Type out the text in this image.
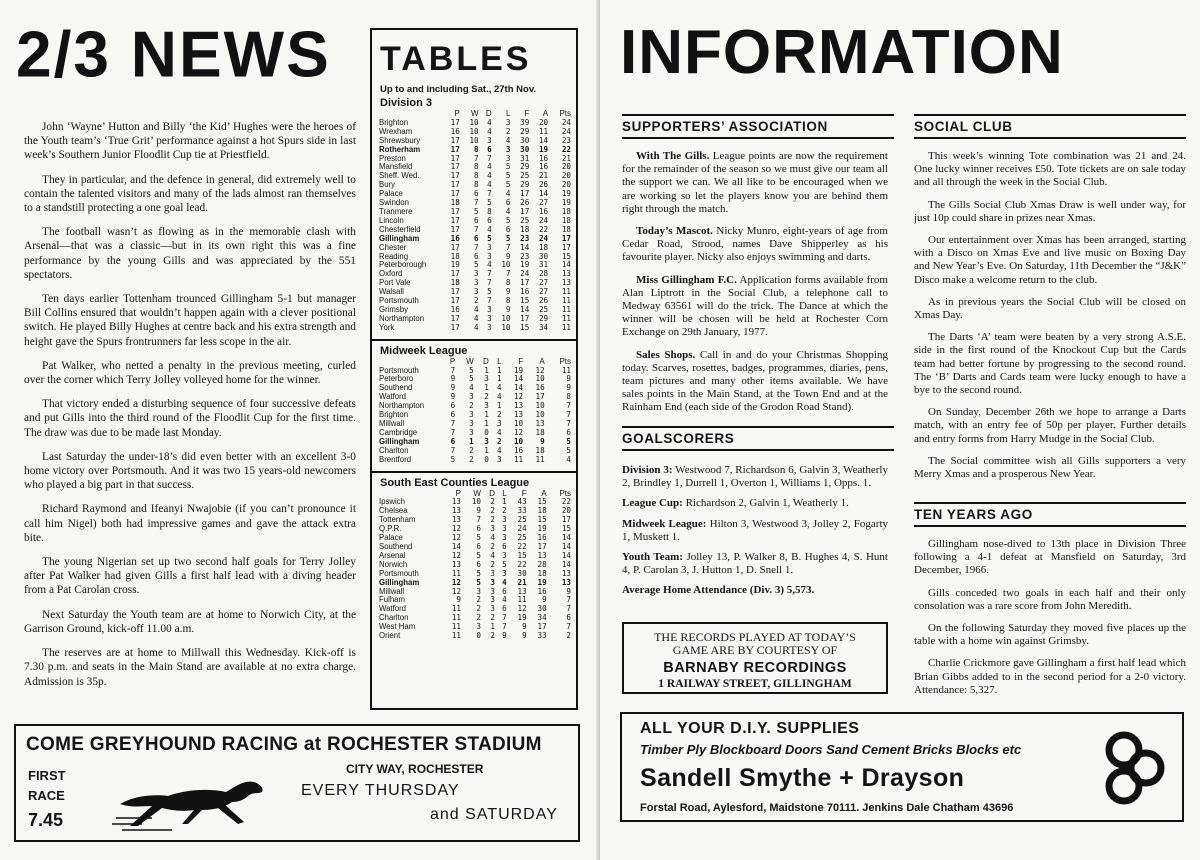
2/3 NEWS

John ‘Wayne’ Hutton and Billy ‘the Kid’ Hughes were the heroes of the Youth team’s ‘True Grit’ performance against a hot Spurs side in last week’s Southern Junior Floodlit Cup tie at Priestfield.

They in particular, and the defence in general, did extremely well to contain the talented visitors and many of the lads almost ran themselves to a standstill protecting a one goal lead.

The football wasn’t as flowing as in the memorable clash with Arsenal—that was a classic—but in its own right this was a fine performance by the young Gills and was appreciated by the 551 spectators.

Ten days earlier Tottenham trounced Gillingham 5-1 but manager Bill Collins ensured that wouldn’t happen again with a clever positional switch. He played Billy Hughes at centre back and his extra strength and height gave the Spurs frontrunners far less scope in the air.

Pat Walker, who netted a penalty in the previous meeting, curled over the corner which Terry Jolley volleyed home for the winner.

That victory ended a disturbing sequence of four successive defeats and put Gills into the third round of the Floodlit Cup for the first time. The draw was due to be made last Monday.

Last Saturday the under-18’s did even better with an excellent 3-0 home victory over Portsmouth. And it was two 15 years-old newcomers who played a big part in that success.

Richard Raymond and Ifeanyi Nwajobie (if you can’t pronounce it call him Nigel) both had impressive games and gave the attack extra bite.

The young Nigerian set up two second half goals for Terry Jolley after Pat Walker had given Gills a first half lead with a diving header from a Pat Carolan cross.

Next Saturday the Youth team are at home to Norwich City, at the Garrison Ground, kick-off 11.00 a.m.

The reserves are at home to Millwall this Wednesday. Kick-off is 7.30 p.m. and seats in the Main Stand are available at no extra charge. Admission is 35p.

TABLES
Up to and including Sat., 27th Nov.
Division 3
	P	W	D	L	F	A	Pts
Brighton	17	10	4	3	39	20	24
Wrexham	16	10	4	2	29	11	24
Shrewsbury	17	10	3	4	30	14	23
Rotherham	17	8	6	3	30	19	22
Preston	17	7	7	3	31	16	21
Mansfield	17	8	4	5	29	16	20
Sheff. Wed.	17	8	4	5	25	21	20
Bury	17	8	4	5	29	26	20
Palace	17	6	7	4	17	14	19
Swindon	18	7	5	6	26	27	19
Tranmere	17	5	8	4	17	16	18
Lincoln	17	6	6	5	25	24	18
Chesterfield	17	7	4	6	18	22	18
Gillingham	16	6	5	5	23	24	17
Chester	17	7	3	7	14	18	17
Reading	18	6	3	9	23	30	15
Peterborough	19	5	4	10	19	31	14
Oxford	17	3	7	7	24	28	13
Port Vale	18	3	7	8	17	27	13
Walsall	17	3	5	9	16	27	11
Portsmouth	17	2	7	8	15	26	11
Grimsby	16	4	3	9	14	25	11
Northampton	17	4	3	10	17	29	11
York	17	4	3	10	15	34	11
Midweek League
	P	W	D	L	F	A	Pts
Portsmouth	7	5	1	1	19	12	11
Peterboro	9	5	3	1	14	10	9
Southend	9	4	1	4	14	16	9
Watford	9	3	2	4	12	17	8
Northampton	6	2	3	1	13	10	7
Brighton	6	3	1	2	13	10	7
Millwall	7	3	1	3	10	13	7
Cambridge	7	3	0	4	12	18	6
Gillingham	6	1	3	2	10	9	5
Charlton	7	2	1	4	16	18	5
Brentford	5	2	0	3	11	11	4
South East Counties League
	P	W	D	L	F	A	Pts
Ipswich	13	10	2	1	43	15	22
Chelsea	13	9	2	2	33	18	20
Tottenham	13	7	2	3	25	15	17
Q.P.R.	12	6	3	3	24	19	15
Palace	12	5	4	3	25	16	14
Southend	14	6	2	6	22	17	14
Arsenal	12	5	4	3	15	13	14
Norwich	13	6	2	5	22	28	14
Portsmouth	11	5	3	3	30	18	13
Gillingham	12	5	3	4	21	19	13
Millwall	12	3	3	6	13	16	9
Fulham	9	2	3	4	11	9	7
Watford	11	2	3	6	12	30	7
Charlton	11	2	2	7	19	34	6
West Ham	11	3	1	7	9	17	7
Orient	11	0	2	9	9	33	2
COME GREYHOUND RACING at ROCHESTER STADIUM
FIRST
RACE
7.45
CITY WAY, ROCHESTER
EVERY THURSDAY
and SATURDAY
INFORMATION
SUPPORTERS’ ASSOCIATION

With The Gills. League points are now the requirement for the remainder of the season so we must give our team all the support we can. We all like to be encouraged when we are working so let the players know you are behind them right through the match.

Today’s Mascot. Nicky Munro, eight-years of age from Cedar Road, Strood, names Dave Shipperley as his favourite player. Nicky also enjoys swimming and darts.

Miss Gillingham F.C. Application forms available from Alan Liptrott in the Social Club, a telephone call to Medway 63561 will do the trick. The Dance at which the winner will be chosen will be held at Rochester Corn Exchange on 29th January, 1977.

Sales Shops. Call in and do your Christmas Shopping today. Scarves, rosettes, badges, programmes, diaries, pens, team pictures and many other items available. We have sales points in the Main Stand, at the Town End and at the Rainham End (each side of the Grodon Road Stand).

GOALSCORERS

Division 3: Westwood 7, Richardson 6, Galvin 3, Weatherly 2, Brindley 1, Durrell 1, Overton 1, Williams 1, Opps. 1.

League Cup: Richardson 2, Galvin 1, Weatherly 1.

Midweek League: Hilton 3, Westwood 3, Jolley 2, Fogarty 1, Muskett 1.

Youth Team: Jolley 13, P. Walker 8, B. Hughes 4, S. Hunt 4, P. Carolan 3, J. Hutton 1, D. Snell 1.

Average Home Attendance (Div. 3) 5,573.

THE RECORDS PLAYED AT TODAY’S
GAME ARE BY COURTESY OF
BARNABY RECORDINGS
1 RAILWAY STREET, GILLINGHAM
SOCIAL CLUB

This week’s winning Tote combination was 21 and 24. One lucky winner receives £50. Tote tickets are on sale today and all through the week in the Social Club.

The Gills Social Club Xmas Draw is well under way, for just 10p could share in prizes near Xmas.

Our entertainment over Xmas has been arranged, starting with a Disco on Xmas Eve and live music on Boxing Day and New Year’s Eve. On Saturday, 11th December the “J&K” Disco make a welcome return to the club.

As in previous years the Social Club will be closed on Xmas Day.

The Darts ‘A’ team were beaten by a very strong A.S.E. side in the first round of the Knockout Cup but the Cards team had better fortune by progressing to the second round. The ‘B’ Darts and Cards team were lucky enough to have a bye to the second round.

On Sunday, December 26th we hope to arrange a Darts match, with an entry fee of 50p per player. Further details and entry forms from Harry Mudge in the Social Club.

The Social committee wish all Gills supporters a very Merry Xmas and a prosperous New Year.

TEN YEARS AGO

Gillingham nose-dived to 13th place in Division Three following a 4-1 defeat at Mansfield on Saturday, 3rd December, 1966.

Gills conceded two goals in each half and their only consolation was a rare score from John Meredith.

On the following Saturday they moved five places up the table with a home win against Grimsby.

Charlie Crickmore gave Gillingham a first half lead which Brian Gibbs added to in the second period for a 2-0 victory. Attendance: 5,327.

ALL YOUR D.I.Y. SUPPLIES
Timber Ply Blockboard Doors Sand Cement Bricks Blocks etc
Sandell Smythe + Drayson
Forstal Road, Aylesford, Maidstone 70111. Jenkins Dale Chatham 43696
